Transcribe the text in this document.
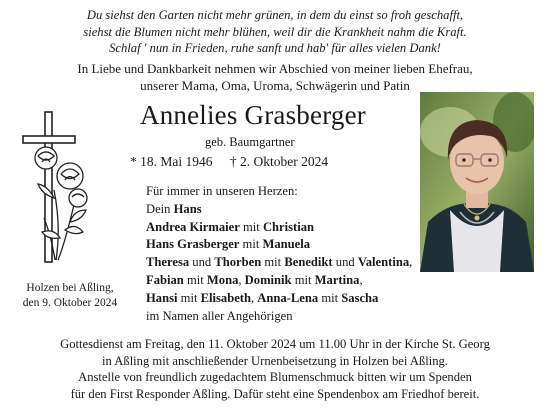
Du siehst den Garten nicht mehr grünen, in dem du einst so froh geschafft,
siehst die Blumen nicht mehr blühen, weil dir die Krankheit nahm die Kraft.
Schlaf ' nun in Frieden, ruhe sanft und hab' für alles vielen Dank!
In Liebe und Dankbarkeit nehmen wir Abschied von meiner lieben Ehefrau,
unserer Mama, Oma, Uroma, Schwägerin und Patin
Annelies Grasberger
geb. Baumgartner
* 18. Mai 1946 † 2. Oktober 2024
Für immer in unseren Herzen:
Dein Hans
Andrea Kirmaier mit Christian
Hans Grasberger mit Manuela
Theresa und Thorben mit Benedikt und Valentina,
Fabian mit Mona, Dominik mit Martina,
Hansi mit Elisabeth, Anna-Lena mit Sascha
im Namen aller Angehörigen
Holzen bei Aßling,
den 9. Oktober 2024
Gottesdienst am Freitag, den 11. Oktober 2024 um 11.00 Uhr in der Kirche St. Georg
in Aßling mit anschließender Urnenbeisetzung in Holzen bei Aßling.
Anstelle von freundlich zugedachtem Blumenschmuck bitten wir um Spenden
für den First Responder Aßling. Dafür steht eine Spendenbox am Friedhof bereit.
